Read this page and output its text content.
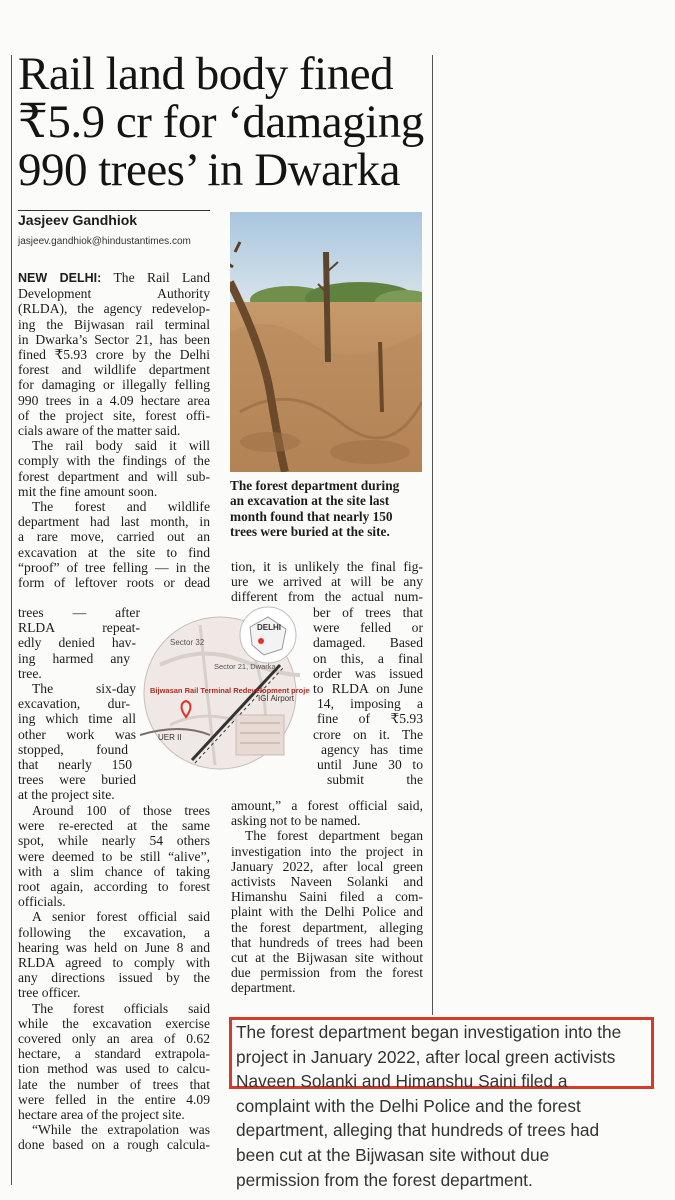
Rail land body fined
₹5.9 cr for ‘damaging
990 trees’ in Dwarka
Jasjeev Gandhiok
jasjeev.gandhiok@hindustantimes.com
NEW DELHI: The Rail Land
Development Authority
(RLDA), the agency redevelop-
ing the Bijwasan rail terminal
in Dwarka’s Sector 21, has been
fined ₹5.93 crore by the Delhi
forest and wildlife department
for damaging or illegally felling
990 trees in a 4.09 hectare area
of the project site, forest offi-
cials aware of the matter said.
The rail body said it will
comply with the findings of the
forest department and will sub-
mit the fine amount soon.
The forest and wildlife
department had last month, in
a rare move, carried out an
excavation at the site to find
“proof” of tree felling — in the
form of leftover roots or dead
trees — after
RLDA repeat-
edly denied hav-
ing harmed any
tree.
The six-day
excavation, dur-
ing which time all
other work was
stopped, found
that nearly 150
trees were buried
at the project site.
Around 100 of those trees
were re-erected at the same
spot, while nearly 54 others
were deemed to be still “alive”,
with a slim chance of taking
root again, according to forest
officials.
A senior forest official said
following the excavation, a
hearing was held on June 8 and
RLDA agreed to comply with
any directions issued by the
tree officer.
The forest officials said
while the excavation exercise
covered only an area of 0.62
hectare, a standard extrapola-
tion method was used to calcu-
late the number of trees that
were felled in the entire 4.09
hectare area of the project site.
“While the extrapolation was
done based on a rough calcula-
The forest department during
an excavation at the site last
month found that nearly 150
trees were buried at the site.
tion, it is unlikely the final fig-
ure we arrived at will be any
different from the actual num-
ber of trees that
were felled or
damaged. Based
on this, a final
order was issued
to RLDA on June
14, imposing a
fine of ₹5.93
crore on it. The
agency has time
until June 30 to
submit the
amount,” a forest official said,
asking not to be named.
The forest department began
investigation into the project in
January 2022, after local green
activists Naveen Solanki and
Himanshu Saini filed a com-
plaint with the Delhi Police and
the forest department, alleging
that hundreds of trees had been
cut at the Bijwasan site without
due permission from the forest
department.
DELHI
Sector 32
Sector 21, Dwarka
Bijwasan Rail Terminal Redevelopment project
UER II
IGI Airport
The forest department began investigation into the
project in January 2022, after local green activists
Naveen Solanki and Himanshu Saini filed a
complaint with the Delhi Police and the forest
department, alleging that hundreds of trees had
been cut at the Bijwasan site without due
permission from the forest department.
